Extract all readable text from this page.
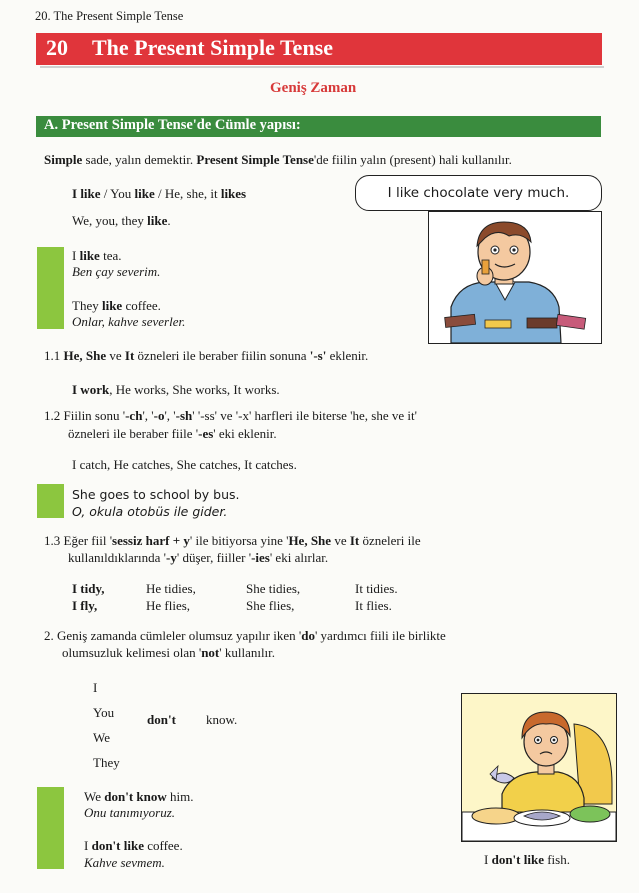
20. The Present Simple Tense
20 The Present Simple Tense
Geniş Zaman
A. Present Simple Tense'de Cümle yapısı:
Simple sade, yalın demektir. Present Simple Tense'de fiilin yalın (present) hali kullanılır.
I like / You like / He, she, it likes
We, you, they like.
I like chocolate very much.
I like tea.
Ben çay severim.
They like coffee.
Onlar, kahve severler.
1.1 He, She ve It özneleri ile beraber fiilin sonuna '-s' eklenir.
I work, He works, She works, It works.
1.2 Fiilin sonu '-ch', '-o', '-sh' '-ss' ve '-x' harfleri ile biterse 'he, she ve it'
özneleri ile beraber fiile '-es' eki eklenir.
I catch, He catches, She catches, It catches.
She goes to school by bus.
O, okula otobüs ile gider.
1.3 Eğer fiil 'sessiz harf + y' ile bitiyorsa yine 'He, She ve It özneleri ile
kullanıldıklarında '-y' düşer, fiiller '-ies' eki alırlar.
I tidy,	He tidies,	She tidies,	It tidies.
I fly,	He flies,	She flies,	It flies.
2. Geniş zamanda cümleler olumsuz yapılır iken 'do' yardımcı fiili ile birlikte
olumsuzluk kelimesi olan 'not' kullanılır.
I
You
We
They
don't know.
We don't know him.
Onu tanımıyoruz.
I don't like coffee.
Kahve sevmem.	I don't like fish.
